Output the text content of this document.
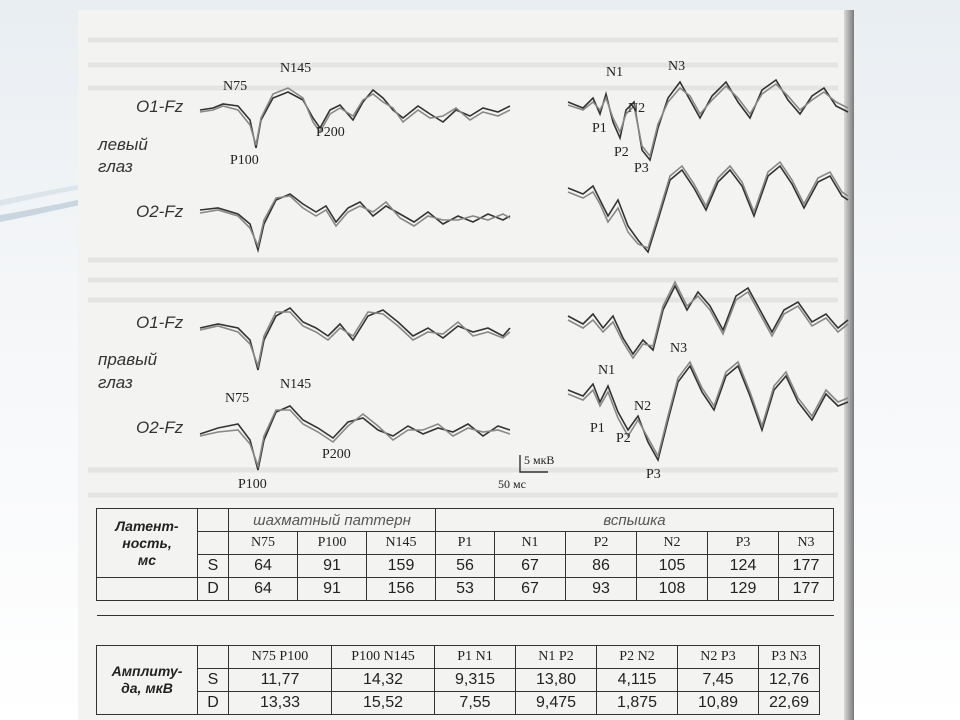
O1-Fz
левый
глаз
O2-Fz
O1-Fz
правый
глаз
O2-Fz
N75
N145
P200
P100
N75
N145
P200
P100
N1	N3
N2
P1
P2
P3
N3
N1
N2
P1
P2
P3
5 мкВ
50 мс
Латент-
ность,
мс		шахматный паттерн			вспышка					
		N75	P100	N145	P1	N1	P2	N2	P3	N3
	S	64	91	159	56	67	86	105	124	177
	D	64	91	156	53	67	93	108	129	177

Амплиту-
да, мкВ		N75 P100	P100 N145	P1 N1	N1 P2	P2 N2	N2 P3	P3 N3
	S	11,77	14,32	9,315	13,80	4,115	7,45	12,76
	D	13,33	15,52	7,55	9,475	1,875	10,89	22,69
